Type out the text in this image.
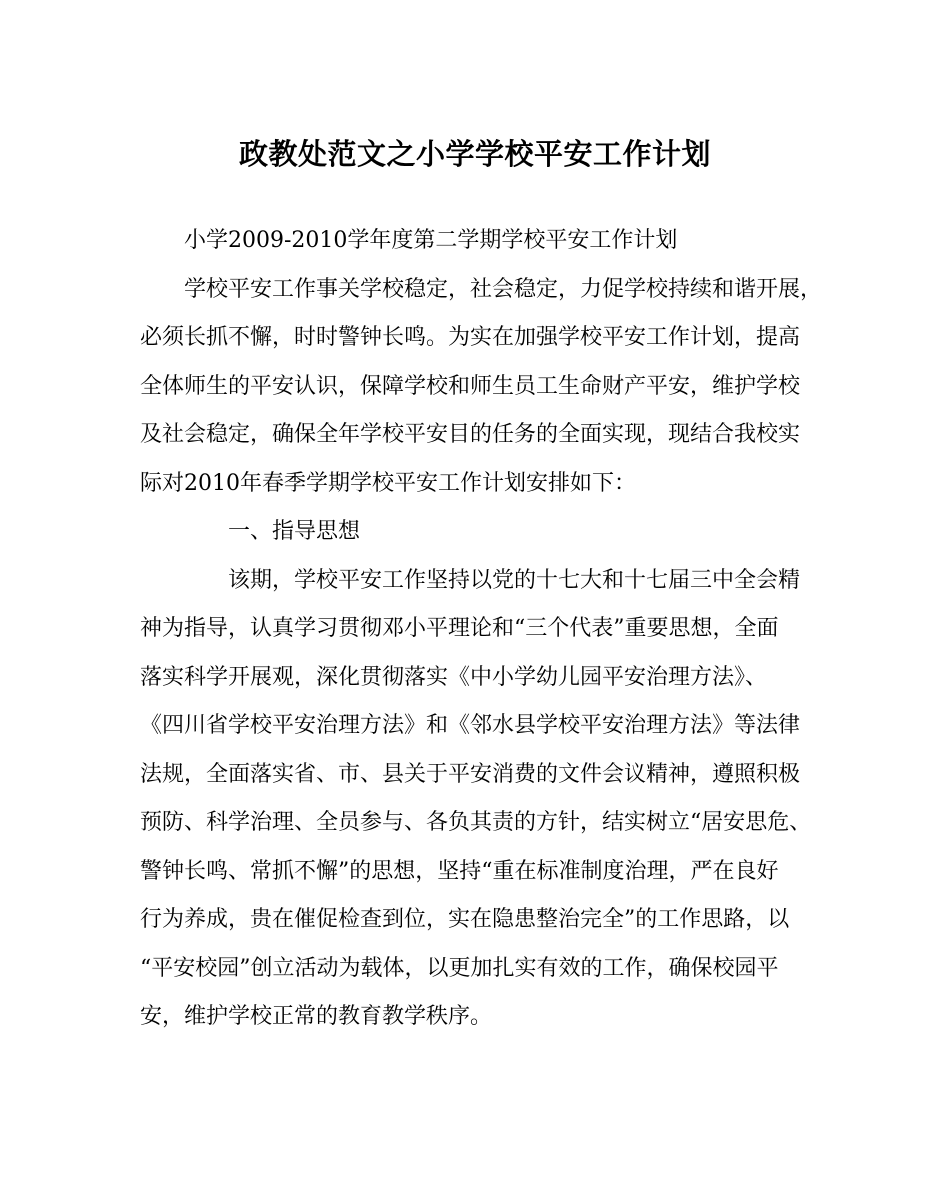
政教处范文之小学学校平安工作计划
小学2009-2010学年度第二学期学校平安工作计划
学校平安工作事关学校稳定，社会稳定，力促学校持续和谐开展，
必须长抓不懈，时时警钟长鸣。为实在加强学校平安工作计划，提高
全体师生的平安认识，保障学校和师生员工生命财产平安，维护学校
及社会稳定，确保全年学校平安目的任务的全面实现，现结合我校实
际对2010年春季学期学校平安工作计划安排如下：
一、指导思想
该期，学校平安工作坚持以党的十七大和十七届三中全会精
神为指导，认真学习贯彻邓小平理论和“三个代表”重要思想，全面
落实科学开展观，深化贯彻落实《中小学幼儿园平安治理方法》、
《四川省学校平安治理方法》和《邻水县学校平安治理方法》等法律
法规，全面落实省、市、县关于平安消费的文件会议精神，遵照积极
预防、科学治理、全员参与、各负其责的方针，结实树立“居安思危、
警钟长鸣、常抓不懈”的思想，坚持“重在标准制度治理，严在良好
行为养成，贵在催促检查到位，实在隐患整治完全”的工作思路，以
“平安校园”创立活动为载体，以更加扎实有效的工作，确保校园平
安，维护学校正常的教育教学秩序。
